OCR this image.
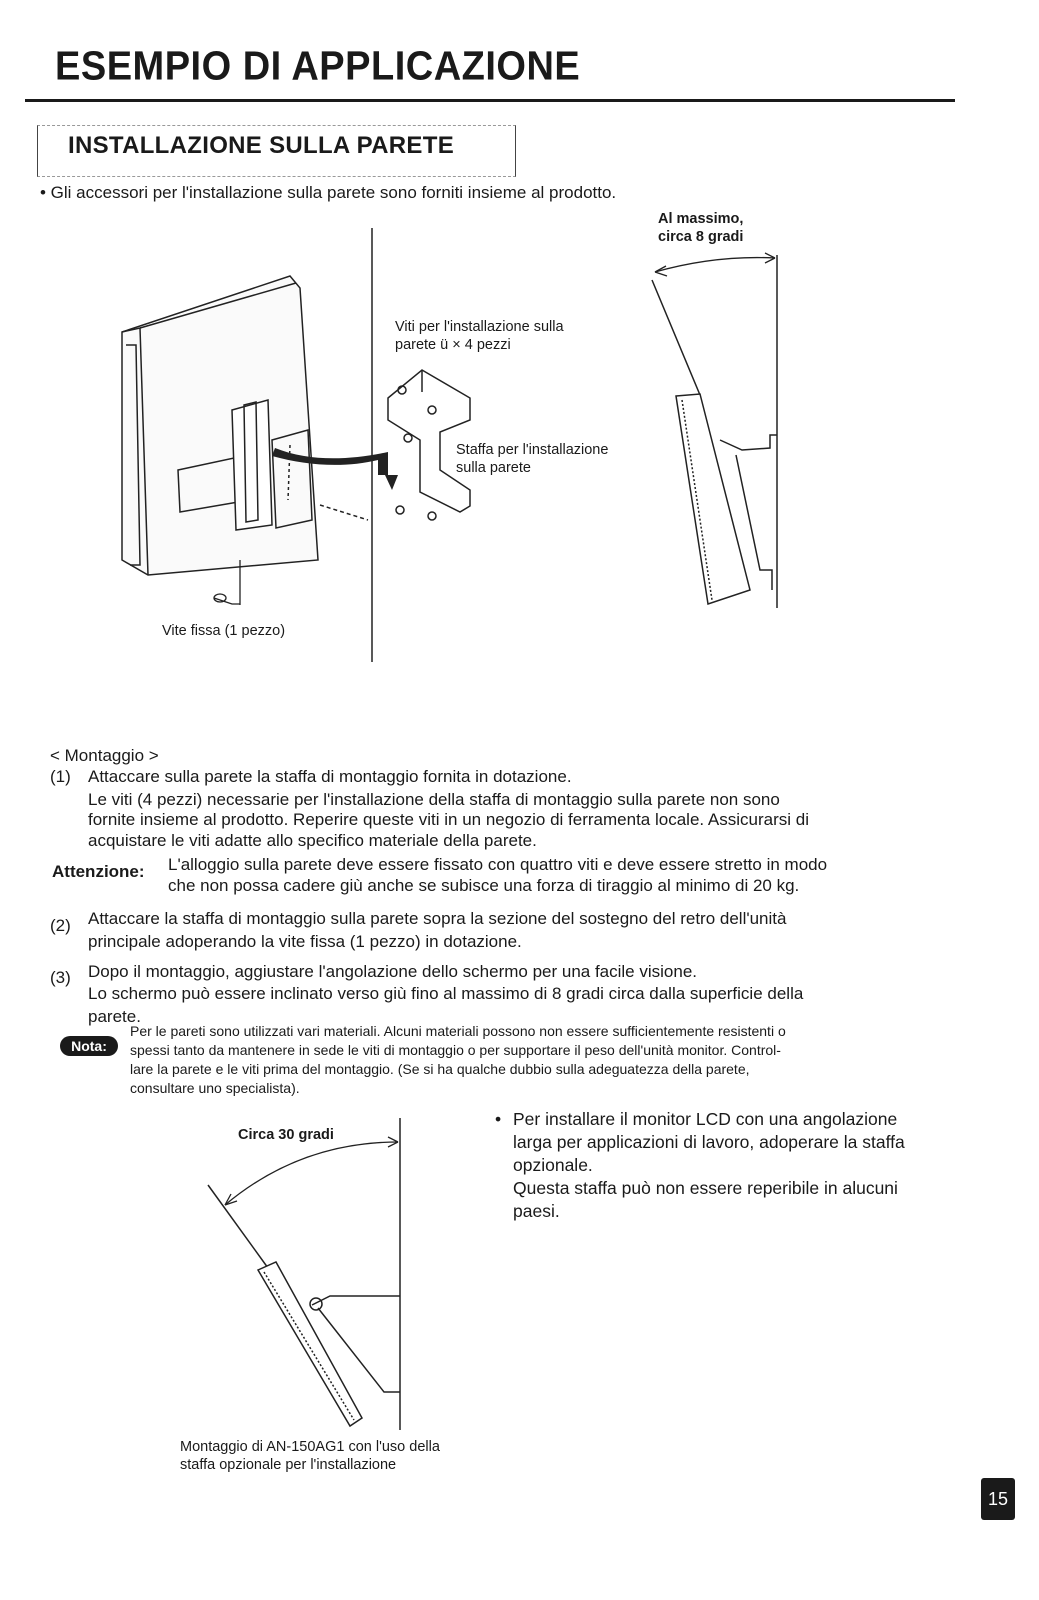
ESEMPIO DI APPLICAZIONE
INSTALLAZIONE SULLA PARETE
• Gli accessori per l'installazione sulla parete sono forniti insieme al prodotto.
Al massimo,
circa 8 gradi
Viti per l'installazione sulla
parete ü × 4 pezzi
Staffa per l'installazione
sulla parete
Vite fissa (1 pezzo)
< Montaggio >
(1) Attaccare sulla parete la staffa di montaggio fornita in dotazione.
Le viti (4 pezzi) necessarie per l'installazione della staffa di montaggio sulla parete non sono
fornite insieme al prodotto. Reperire queste viti in un negozio di ferramenta locale. Assicurarsi di
acquistare le viti adatte allo specifico materiale della parete.
Attenzione: L'alloggio sulla parete deve essere fissato con quattro viti e deve essere stretto in modo
che non possa cadere giù anche se subisce una forza di tiraggio al minimo di 20 kg.
(2) Attaccare la staffa di montaggio sulla parete sopra la sezione del sostegno del retro dell'unità
principale adoperando la vite fissa (1 pezzo) in dotazione.
(3) Dopo il montaggio, aggiustare l'angolazione dello schermo per una facile visione.
Lo schermo può essere inclinato verso giù fino al massimo di 8 gradi circa dalla superficie della
parete.
Nota:
Per le pareti sono utilizzati vari materiali. Alcuni materiali possono non essere sufficientemente resistenti o
spessi tanto da mantenere in sede le viti di montaggio o per supportare il peso dell'unità monitor. Control-
lare la parete e le viti prima del montaggio. (Se si ha qualche dubbio sulla adeguatezza della parete,
consultare uno specialista).
Circa 30 gradi
Montaggio di AN-150AG1 con l'uso della
staffa opzionale per l'installazione
• Per installare il monitor LCD con una angolazione
larga per applicazioni di lavoro, adoperare la staffa
opzionale.
Questa staffa può non essere reperibile in alucuni
paesi.
15
